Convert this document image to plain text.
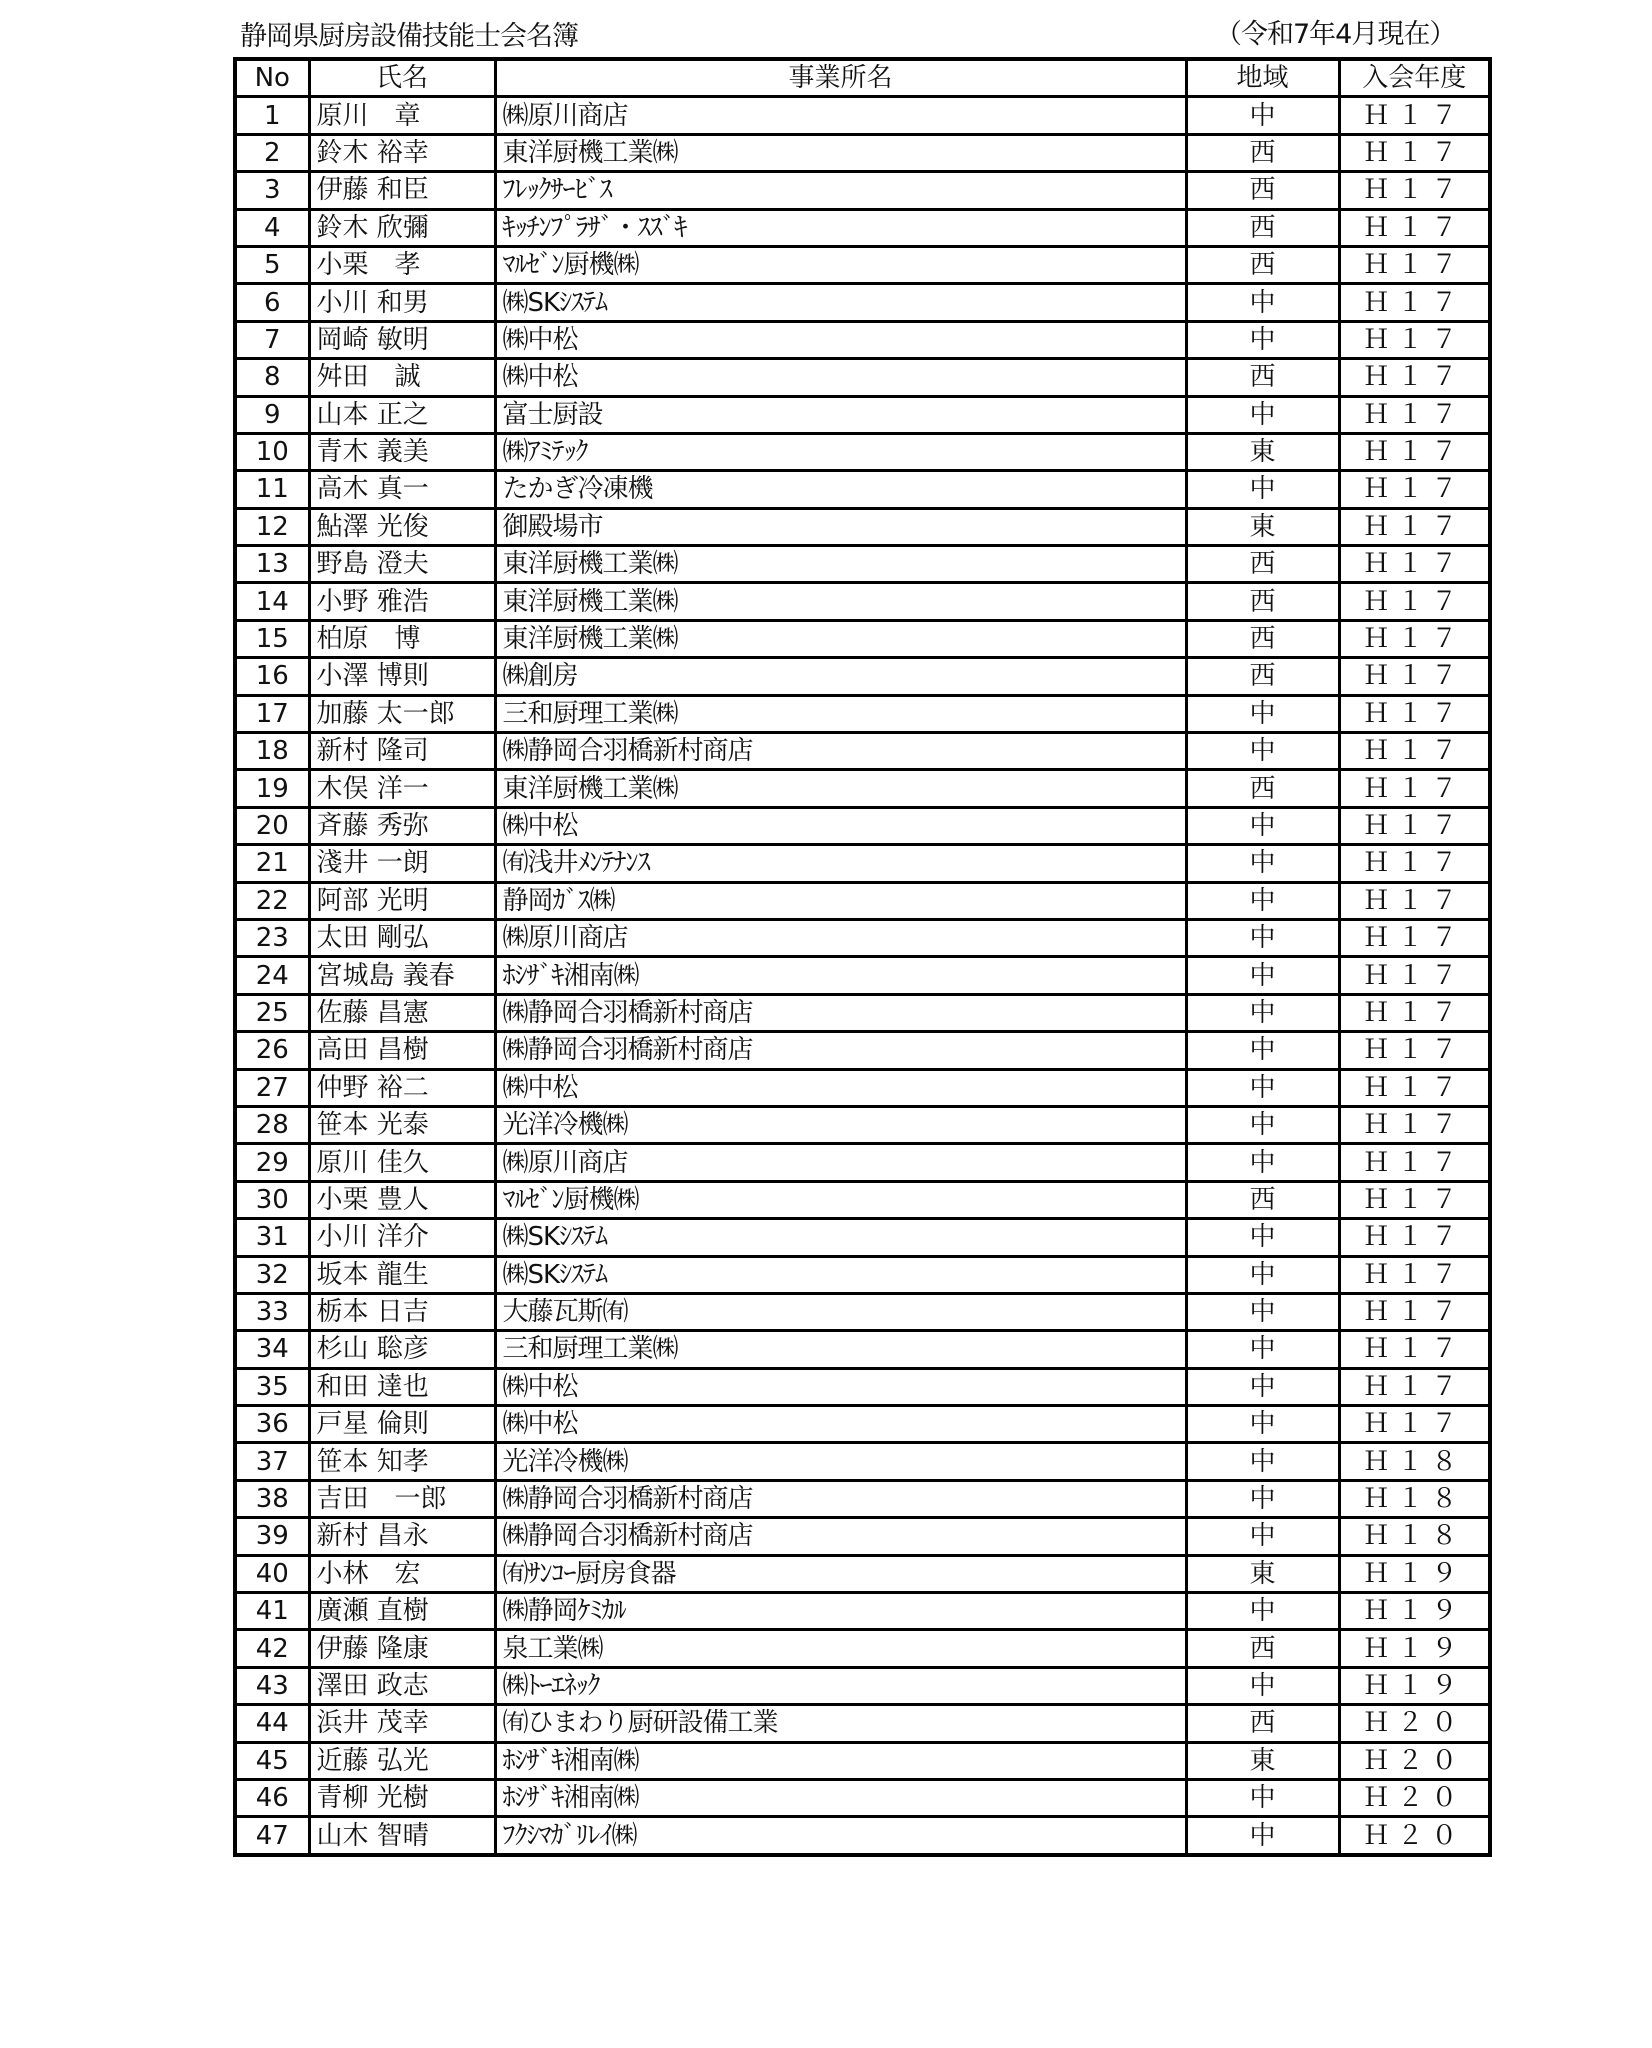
静岡県厨房設備技能士会名簿	（令和7年4月現在）
No	氏名	事業所名	地域	入会年度
1	原川　章	㈱原川商店	中	Ｈ１７
2	鈴木 裕幸	東洋厨機工業㈱	西	Ｈ１７
3	伊藤 和臣	ﾌﾚｯｸｻｰﾋﾞｽ	西	Ｈ１７
4	鈴木 欣彌	ｷｯﾁﾝﾌﾟﾗｻﾞ・ｽｽﾞｷ	西	Ｈ１７
5	小栗　孝	ﾏﾙｾﾞﾝ厨機㈱	西	Ｈ１７
6	小川 和男	㈱SKｼｽﾃﾑ	中	Ｈ１７
7	岡崎 敏明	㈱中松	中	Ｈ１７
8	舛田　誠	㈱中松	西	Ｈ１７
9	山本 正之	富士厨設	中	Ｈ１７
10	青木 義美	㈱ｱﾐﾃｯｸ	東	Ｈ１７
11	高木 真一	たかぎ冷凍機	中	Ｈ１７
12	鮎澤 光俊	御殿場市	東	Ｈ１７
13	野島 澄夫	東洋厨機工業㈱	西	Ｈ１７
14	小野 雅浩	東洋厨機工業㈱	西	Ｈ１７
15	柏原　博	東洋厨機工業㈱	西	Ｈ１７
16	小澤 博則	㈱創房	西	Ｈ１７
17	加藤 太一郎	三和厨理工業㈱	中	Ｈ１７
18	新村 隆司	㈱静岡合羽橋新村商店	中	Ｈ１７
19	木俣 洋一	東洋厨機工業㈱	西	Ｈ１７
20	斉藤 秀弥	㈱中松	中	Ｈ１７
21	淺井 一朗	㈲浅井ﾒﾝﾃﾅﾝｽ	中	Ｈ１７
22	阿部 光明	静岡ｶﾞｽ㈱	中	Ｈ１７
23	太田 剛弘	㈱原川商店	中	Ｈ１７
24	宮城島 義春	ﾎｼｻﾞｷ湘南㈱	中	Ｈ１７
25	佐藤 昌憲	㈱静岡合羽橋新村商店	中	Ｈ１７
26	高田 昌樹	㈱静岡合羽橋新村商店	中	Ｈ１７
27	仲野 裕二	㈱中松	中	Ｈ１７
28	笹本 光泰	光洋冷機㈱	中	Ｈ１７
29	原川 佳久	㈱原川商店	中	Ｈ１７
30	小栗 豊人	ﾏﾙｾﾞﾝ厨機㈱	西	Ｈ１７
31	小川 洋介	㈱SKｼｽﾃﾑ	中	Ｈ１７
32	坂本 龍生	㈱SKｼｽﾃﾑ	中	Ｈ１７
33	栃本 日吉	大藤瓦斯㈲	中	Ｈ１７
34	杉山 聡彦	三和厨理工業㈱	中	Ｈ１７
35	和田 達也	㈱中松	中	Ｈ１７
36	戸星 倫則	㈱中松	中	Ｈ１７
37	笹本 知孝	光洋冷機㈱	中	Ｈ１８
38	吉田　一郎	㈱静岡合羽橋新村商店	中	Ｈ１８
39	新村 昌永	㈱静岡合羽橋新村商店	中	Ｈ１８
40	小林　宏	㈲ｻﾝｺｰ厨房食器	東	Ｈ１９
41	廣瀬 直樹	㈱静岡ｹﾐｶﾙ	中	Ｈ１９
42	伊藤 隆康	泉工業㈱	西	Ｈ１９
43	澤田 政志	㈱ﾄｰｴﾈｯｸ	中	Ｈ１９
44	浜井 茂幸	㈲ひまわり厨研設備工業	西	Ｈ２０
45	近藤 弘光	ﾎｼｻﾞｷ湘南㈱	東	Ｈ２０
46	青柳 光樹	ﾎｼｻﾞｷ湘南㈱	中	Ｈ２０
47	山木 智晴	ﾌｸｼﾏｶﾞﾘﾚｲ㈱	中	Ｈ２０
